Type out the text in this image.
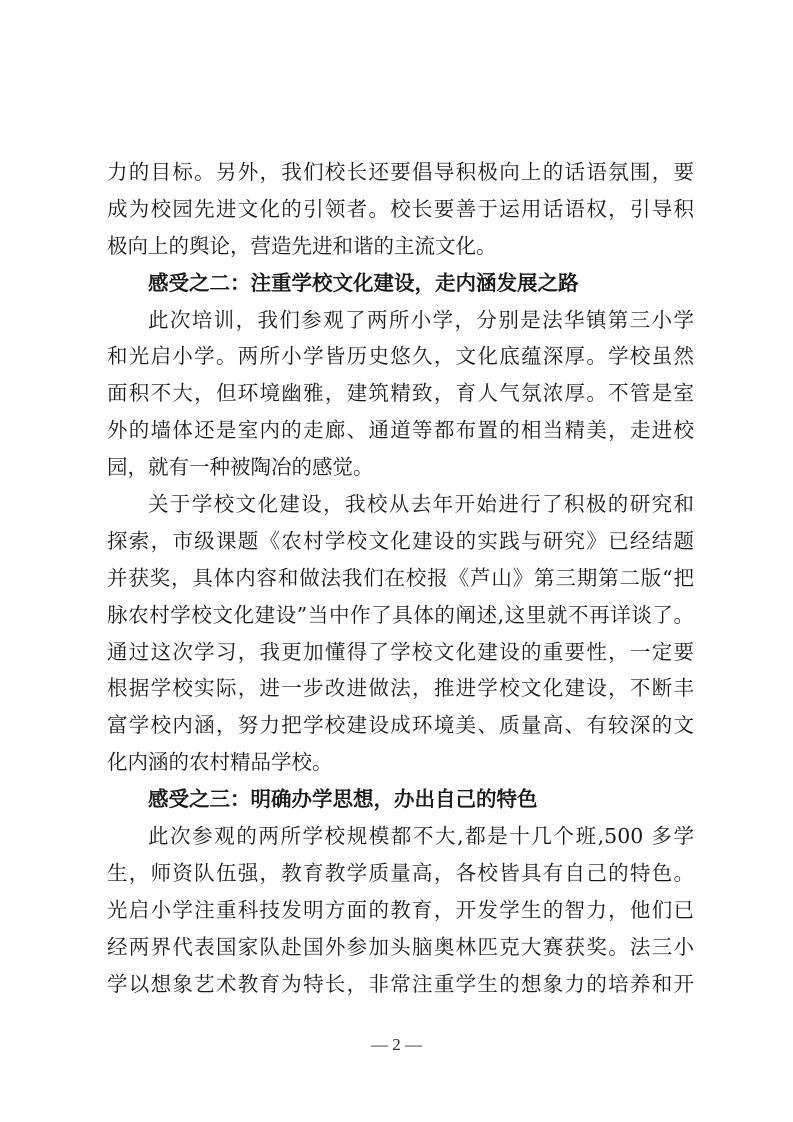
力的目标。另外，我们校长还要倡导积极向上的话语氛围，要
成为校园先进文化的引领者。校长要善于运用话语权，引导积
极向上的舆论，营造先进和谐的主流文化。
感受之二：注重学校文化建设，走内涵发展之路
此次培训，我们参观了两所小学，分别是法华镇第三小学
和光启小学。两所小学皆历史悠久，文化底蕴深厚。学校虽然
面积不大，但环境幽雅，建筑精致，育人气氛浓厚。不管是室
外的墙体还是室内的走廊、通道等都布置的相当精美，走进校
园，就有一种被陶冶的感觉。
关于学校文化建设，我校从去年开始进行了积极的研究和
探索，市级课题《农村学校文化建设的实践与研究》已经结题
并获奖，具体内容和做法我们在校报《芦山》第三期第二版“把
脉农村学校文化建设”当中作了具体的阐述,这里就不再详谈了。
通过这次学习，我更加懂得了学校文化建设的重要性，一定要
根据学校实际，进一步改进做法，推进学校文化建设，不断丰
富学校内涵，努力把学校建设成环境美、质量高、有较深的文
化内涵的农村精品学校。
感受之三：明确办学思想，办出自己的特色
此次参观的两所学校规模都不大,都是十几个班,500 多学
生，师资队伍强，教育教学质量高，各校皆具有自己的特色。
光启小学注重科技发明方面的教育，开发学生的智力，他们已
经两界代表国家队赴国外参加头脑奥林匹克大赛获奖。法三小
学以想象艺术教育为特长，非常注重学生的想象力的培养和开
— 2 —
